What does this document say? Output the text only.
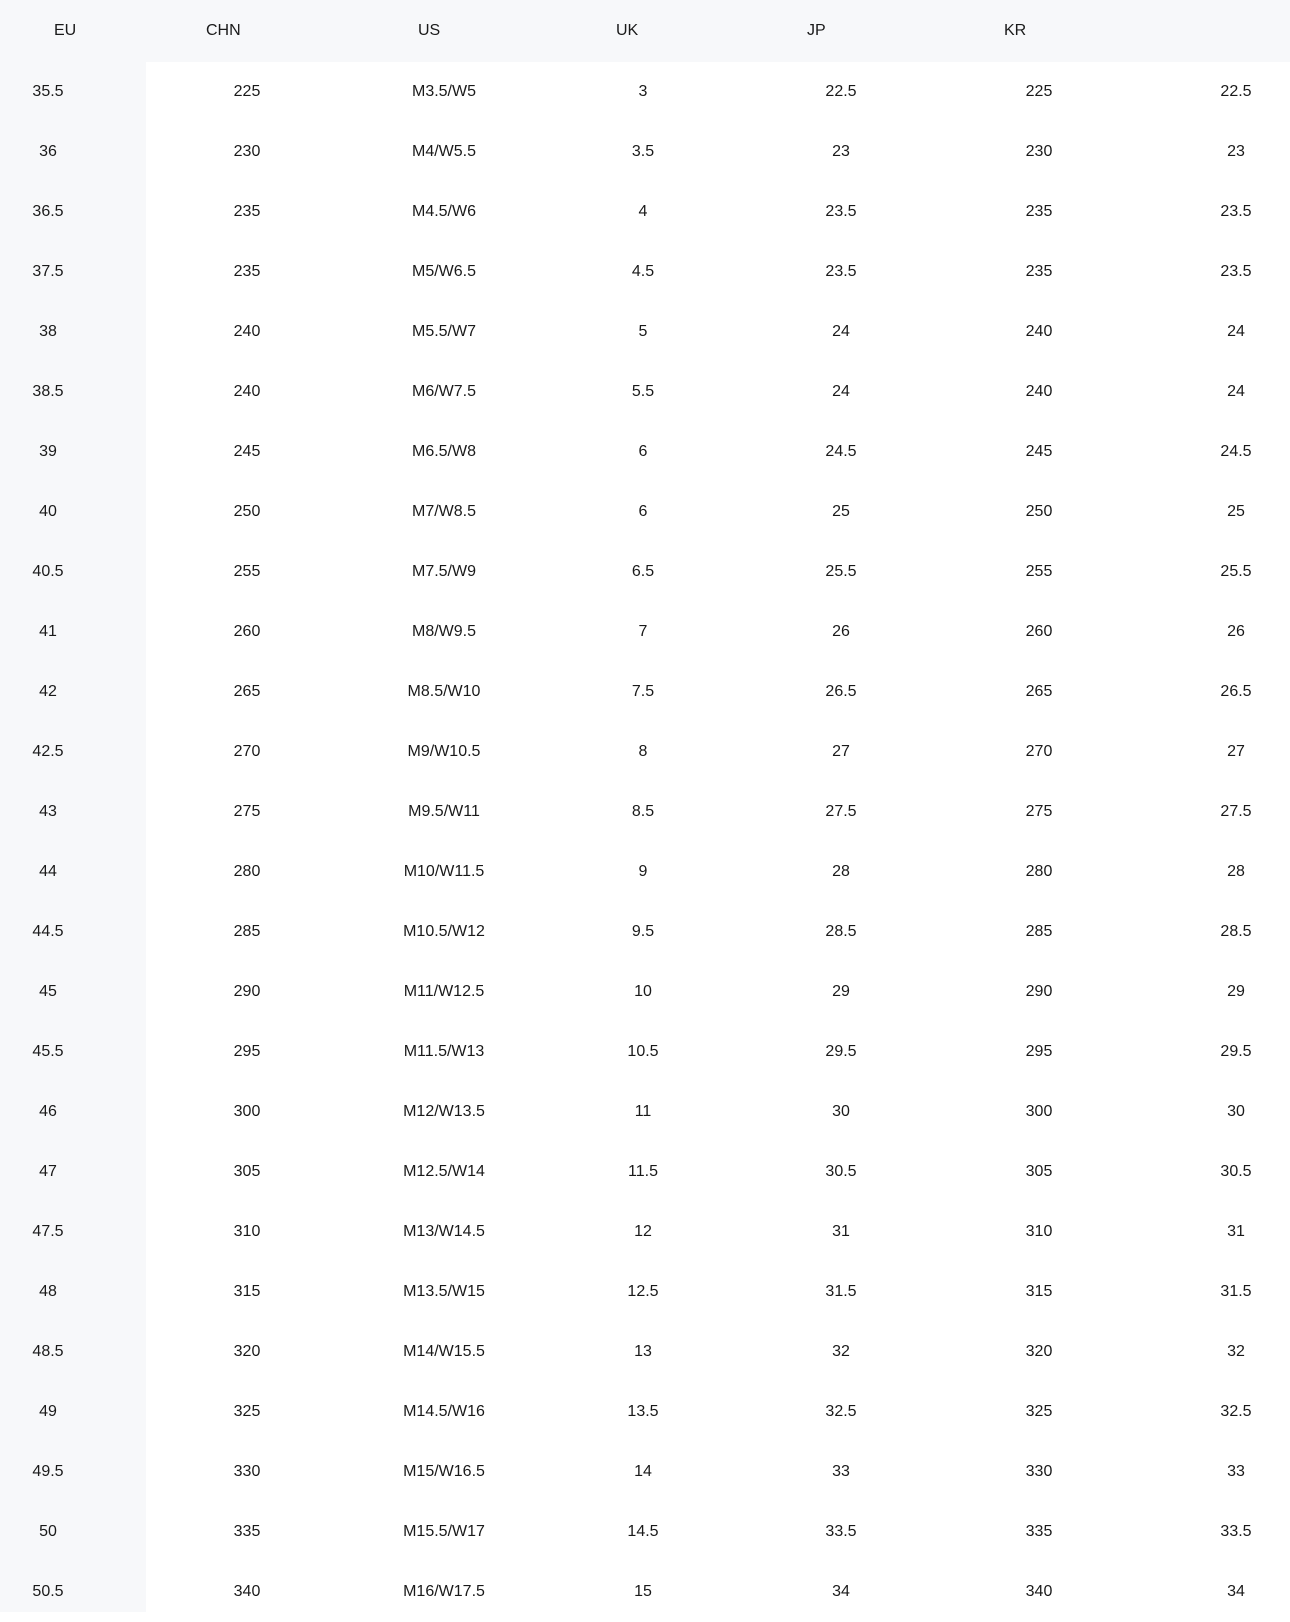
EU	CHN	US	UK	JP	KR
35.5	225	M3.5/W5	3	22.5	225	22.5
36	230	M4/W5.5	3.5	23	230	23
36.5	235	M4.5/W6	4	23.5	235	23.5
37.5	235	M5/W6.5	4.5	23.5	235	23.5
38	240	M5.5/W7	5	24	240	24
38.5	240	M6/W7.5	5.5	24	240	24
39	245	M6.5/W8	6	24.5	245	24.5
40	250	M7/W8.5	6	25	250	25
40.5	255	M7.5/W9	6.5	25.5	255	25.5
41	260	M8/W9.5	7	26	260	26
42	265	M8.5/W10	7.5	26.5	265	26.5
42.5	270	M9/W10.5	8	27	270	27
43	275	M9.5/W11	8.5	27.5	275	27.5
44	280	M10/W11.5	9	28	280	28
44.5	285	M10.5/W12	9.5	28.5	285	28.5
45	290	M11/W12.5	10	29	290	29
45.5	295	M11.5/W13	10.5	29.5	295	29.5
46	300	M12/W13.5	11	30	300	30
47	305	M12.5/W14	11.5	30.5	305	30.5
47.5	310	M13/W14.5	12	31	310	31
48	315	M13.5/W15	12.5	31.5	315	31.5
48.5	320	M14/W15.5	13	32	320	32
49	325	M14.5/W16	13.5	32.5	325	32.5
49.5	330	M15/W16.5	14	33	330	33
50	335	M15.5/W17	14.5	33.5	335	33.5
50.5	340	M16/W17.5	15	34	340	34
